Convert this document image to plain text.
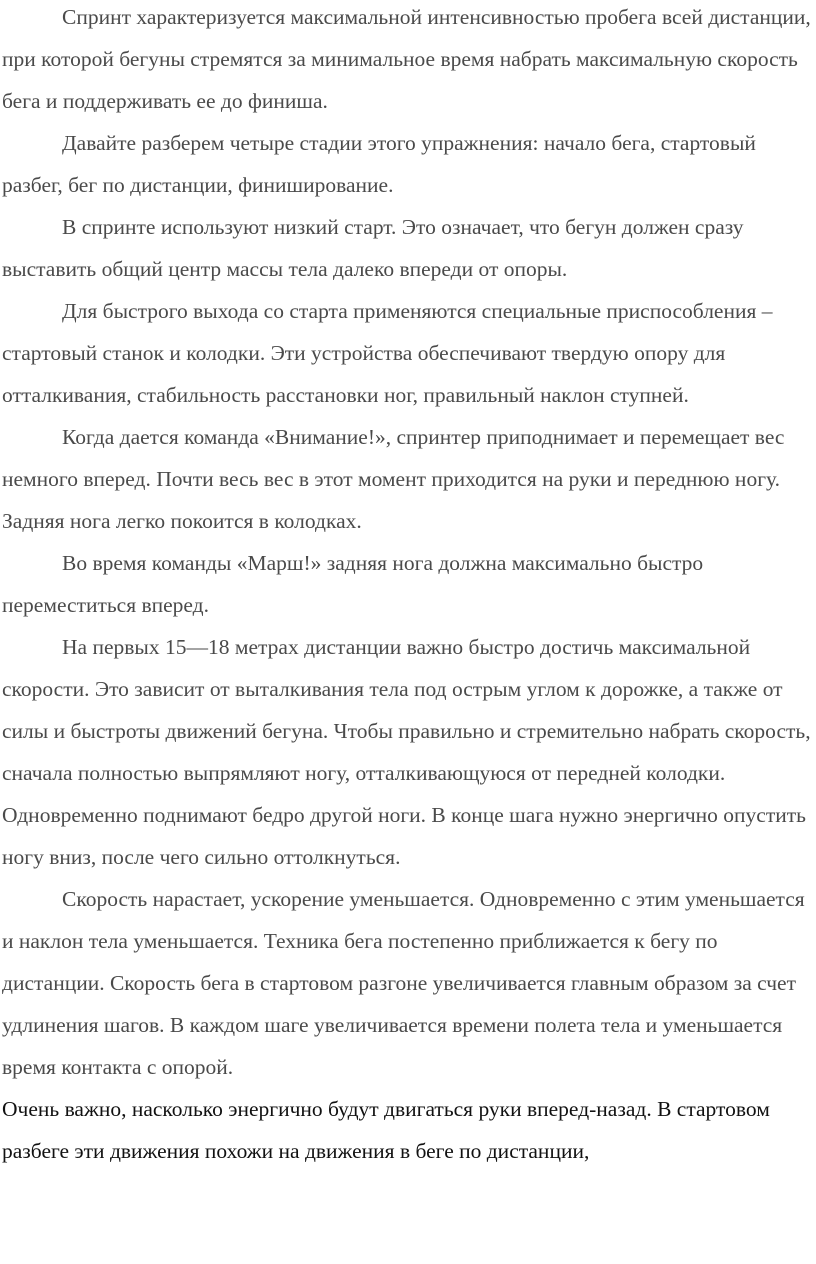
Спринт характеризуется максимальной интенсивностью пробега всей дистанции, при которой бегуны стремятся за минимальное время набрать максимальную скорость бега и поддерживать ее до финиша.

Давайте разберем четыре стадии этого упражнения: начало бега, стартовый разбег, бег по дистанции, финиширование.

В спринте используют низкий старт. Это означает, что бегун должен сразу выставить общий центр массы тела далеко впереди от опоры.

Для быстрого выхода со старта применяются специальные приспособления – стартовый станок и колодки. Эти устройства обеспечивают твердую опору для отталкивания, стабильность расстановки ног, правильный наклон ступней.

Когда дается команда «Внимание!», спринтер приподнимает и перемещает вес немного вперед. Почти весь вес в этот момент приходится на руки и переднюю ногу. Задняя нога легко покоится в колодках.

Во время команды «Марш!» задняя нога должна максимально быстро переместиться вперед.

На первых 15—18 метрах дистанции важно быстро достичь максимальной скорости. Это зависит от выталкивания тела под острым углом к дорожке, а также от силы и быстроты движений бегуна. Чтобы правильно и стремительно набрать скорость, сначала полностью выпрямляют ногу, отталкивающуюся от передней колодки. Одновременно поднимают бедро другой ноги. В конце шага нужно энергично опустить ногу вниз, после чего сильно оттолкнуться.

Скорость нарастает, ускорение уменьшается. Одновременно с этим уменьшается и наклон тела уменьшается. Техника бега постепенно приближается к бегу по дистанции. Скорость бега в стартовом разгоне увеличивается главным образом за счет удлинения шагов. В каждом шаге увеличивается времени полета тела и уменьшается время контакта с опорой.

Очень важно, насколько энергично будут двигаться руки вперед-назад. В стартовом разбеге эти движения похожи на движения в беге по дистанции,
